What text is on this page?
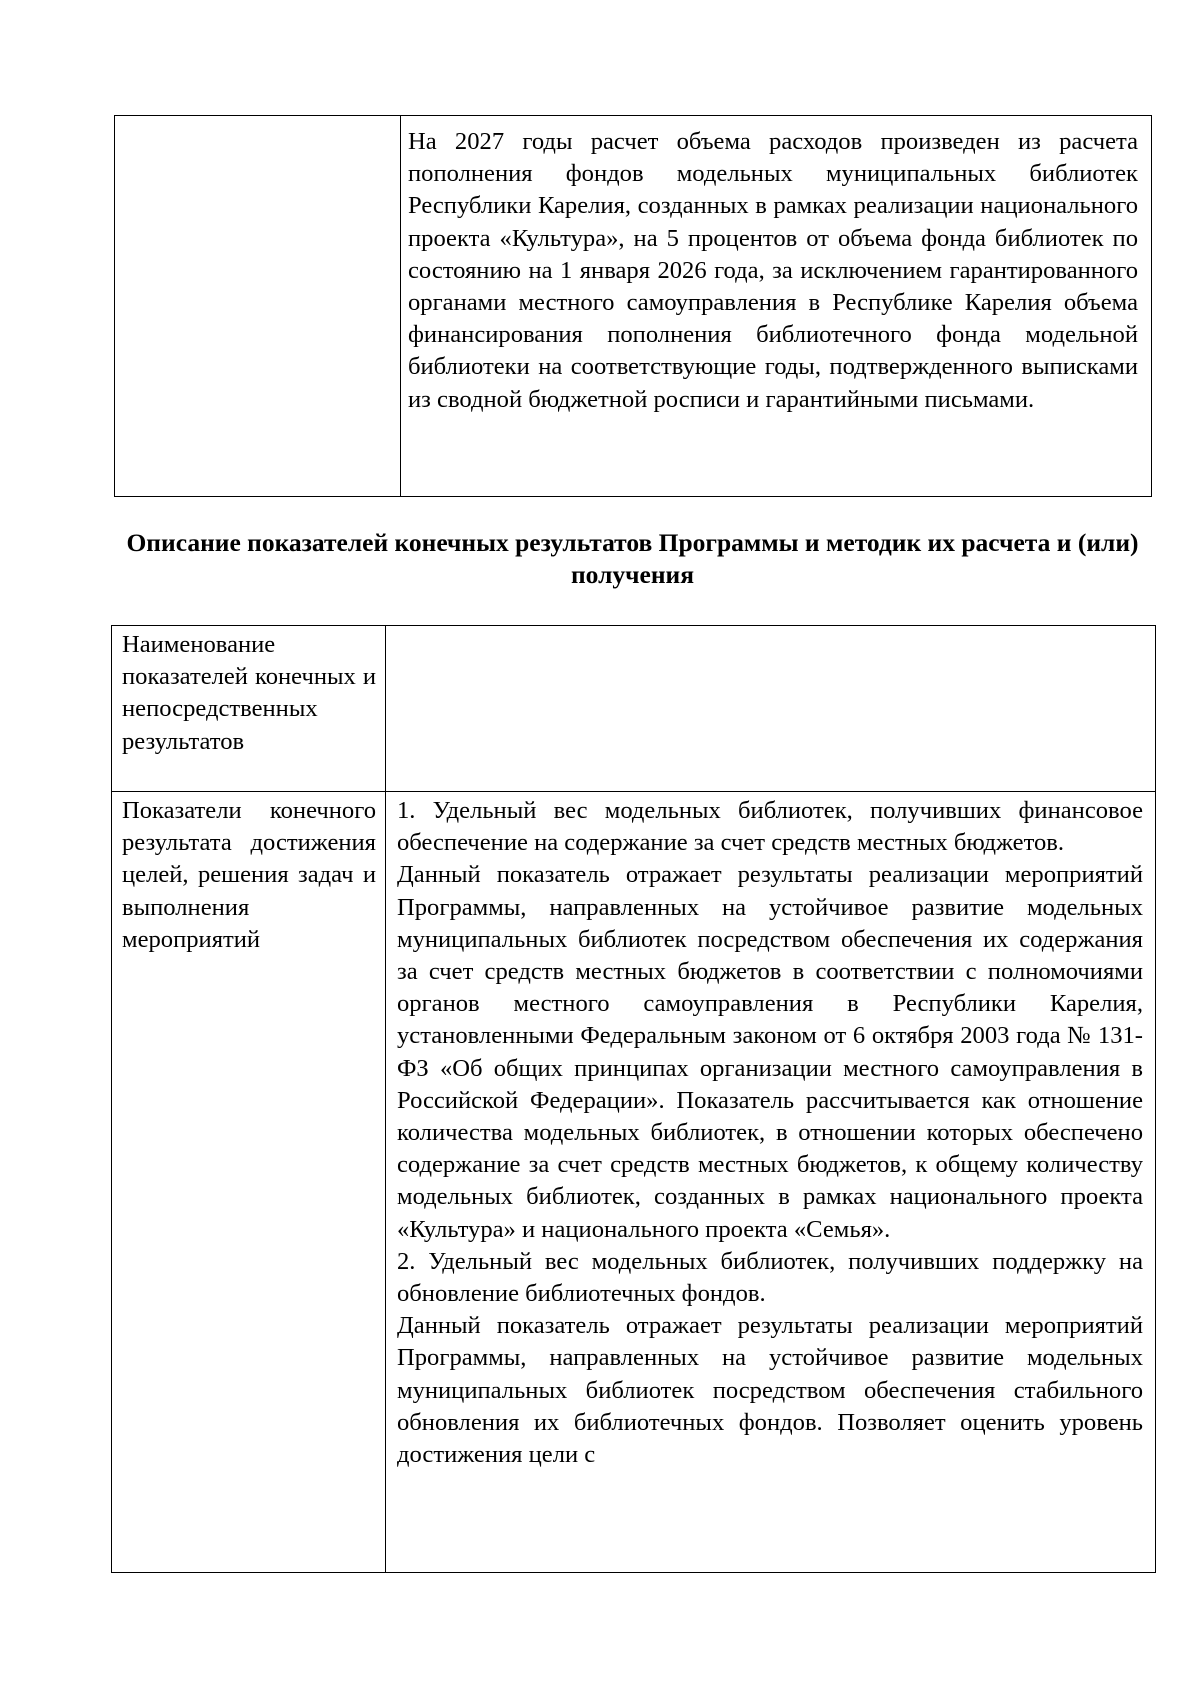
На 2027 годы расчет объема расходов произведен из расчета пополнения фондов модельных муниципальных библиотек Республики Карелия, созданных в рамках реализации национального проекта «Культура», на 5 процентов от объема фонда библиотек по состоянию на 1 января 2026 года, за исключением гарантированного органами местного самоуправления в Республике Карелия объема финансирования пополнения библиотечного фонда модельной библиотеки на соответствующие годы, подтвержденного выписками из сводной бюджетной росписи и гарантийными письмами.

Описание показателей конечных результатов Программы и методик их расчета и (или) получения

Наименование показателей конечных и непосредственных результатов	

Показатели конечного результата достижения целей, решения задач и выполнения мероприятий	1. Удельный вес модельных библиотек, получивших финансовое обеспечение на содержание за счет средств местных бюджетов.

Данный показатель отражает результаты реализации мероприятий Программы, направленных на устойчивое развитие модельных муниципальных библиотек посредством обеспечения их содержания за счет средств местных бюджетов в соответствии с полномочиями органов местного самоуправления в Республики Карелия, установленными Федеральным законом от 6 октября 2003 года № 131-ФЗ «Об общих принципах организации местного самоуправления в Российской Федерации». Показатель рассчитывается как отношение количества модельных библиотек, в отношении которых обеспечено содержание за счет средств местных бюджетов, к общему количеству модельных библиотек, созданных в рамках национального проекта «Культура» и национального проекта «Семья».

2. Удельный вес модельных библиотек, получивших поддержку на обновление библиотечных фондов.

Данный показатель отражает результаты реализации мероприятий Программы, направленных на устойчивое развитие модельных муниципальных библиотек посредством обеспечения стабильного обновления их библиотечных фондов. Позволяет оценить уровень достижения цели с
